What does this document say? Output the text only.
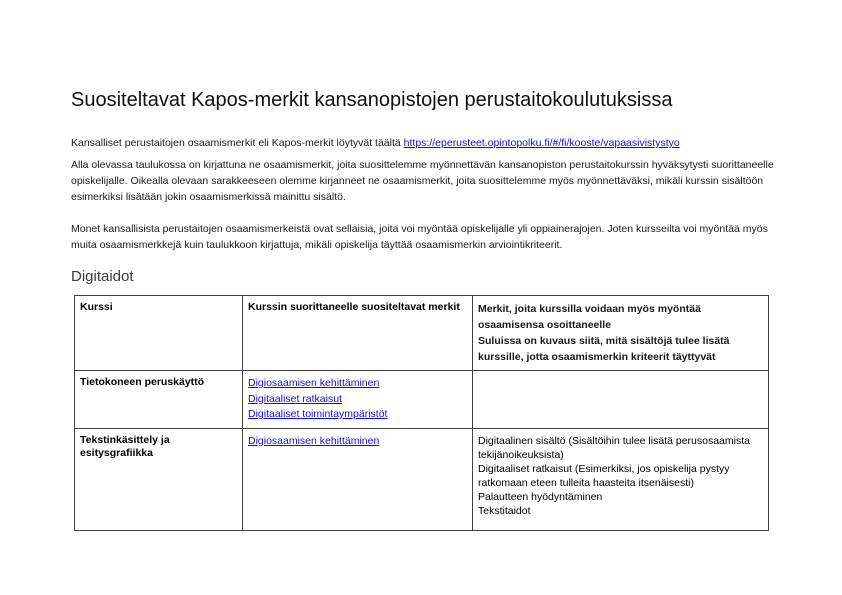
Suositeltavat Kapos-merkit kansanopistojen perustaitokoulutuksissa

Kansalliset perustaitojen osaamismerkit eli Kapos-merkit löytyvät täältä https://eperusteet.opintopolku.fi/#/fi/kooste/vapaasivistystyo

Alla olevassa taulukossa on kirjattuna ne osaamismerkit, joita suosittelemme myönnettävän kansanopiston perustaitokurssin hyväksytysti suorittaneelle opiskelijalle. Oikealla olevaan sarakkeeseen olemme kirjanneet ne osaamismerkit, joita suosittelemme myös myönnettäväksi, mikäli kurssin sisältöön esimerkiksi lisätään jokin osaamismerkissä mainittu sisältö.

Monet kansallisista perustaitojen osaamismerkeistä ovat sellaisia, joita voi myöntää opiskelijalle yli oppiainerajojen. Joten kursseilta voi myöntää myös muita osaamismerkkejä kuin taulukkoon kirjattuja, mikäli opiskelija täyttää osaamismerkin arviointikriteerit.

Digitaidot
Kurssi	Kurssin suorittaneelle suositeltavat merkit	Merkit, joita kurssilla voidaan myös myöntää osaamisensa osoittaneelle

Suluissa on kuvaus siitä, mitä sisältöjä tulee lisätä kurssille, jotta osaamismerkin kriteerit täyttyvät

Tietokoneen peruskäyttö	Digiosaamisen kehittäminen
Digitaaliset ratkaisut
Digitaaliset toimintaympäristöt	

Tekstinkäsittely ja esitysgrafiikka	Digiosaamisen kehittäminen	Digitaalinen sisältö (Sisältöihin tulee lisätä perusosaamista tekijänoikeuksista)
Digitaaliset ratkaisut (Esimerkiksi, jos opiskelija pystyy ratkomaan eteen tulleita haasteita itsenäisesti)
Palautteen hyödyntäminen
Tekstitaidot
